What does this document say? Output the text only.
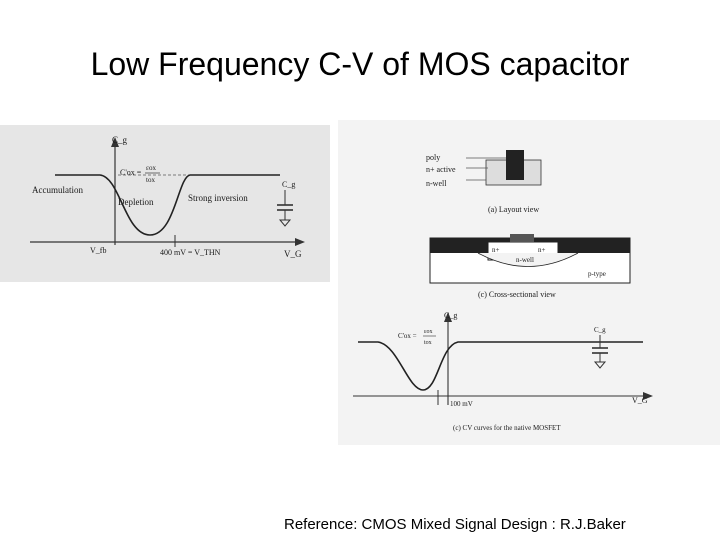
Low Frequency C-V of MOS capacitor
C_g
C'ox = εox
tox
Accumulation
Depletion	Strong inversion
V_fb	400 mV = V_THN	V_G
C_g
poly
n+ active
n-well
(a) Layout view
n+	n+
n-well
p-type
(c) Cross-sectional view
C'ox = εox
tox
C_g
100 mV	V_G
(c) CV curves for the native MOSFET
C_g
Reference: CMOS Mixed Signal Design : R.J.Baker
